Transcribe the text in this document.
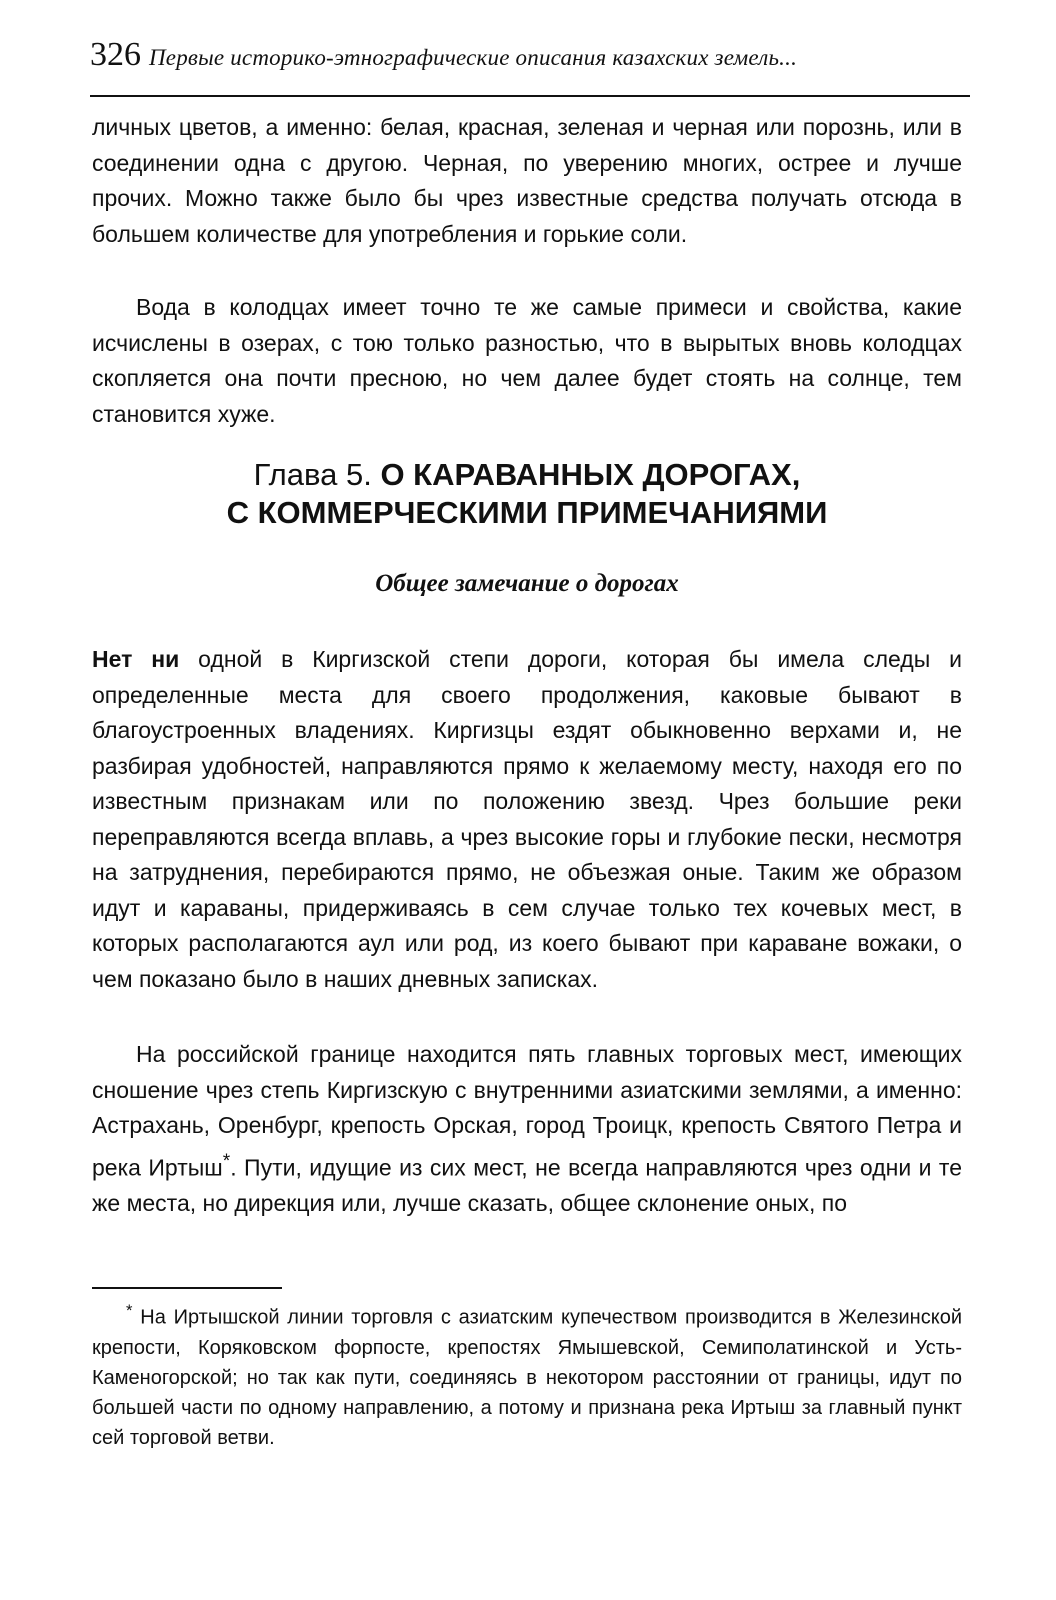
326 Первые историко-этнографические описания казахских земель...

личных цветов, а именно: белая, красная, зеленая и черная или порознь, или в соединении одна с другою. Черная, по уверению многих, острее и лучше прочих. Можно также было бы чрез известные средства получать отсюда в большем количестве для употребления и горькие соли.

Вода в колодцах имеет точно те же самые примеси и свойства, какие исчислены в озерах, с тою только разностью, что в вырытых вновь колодцах скопляется она почти пресною, но чем далее будет стоять на солнце, тем становится хуже.

Глава 5. О КАРАВАННЫХ ДОРОГАХ,
С КОММЕРЧЕСКИМИ ПРИМЕЧАНИЯМИ
Общее замечание о дорогах

Нет ни одной в Киргизской степи дороги, которая бы имела следы и определенные места для своего продолжения, каковые бывают в благоустроенных владениях. Киргизцы ездят обыкновенно верхами и, не разбирая удобностей, направляются прямо к желаемому месту, находя его по известным признакам или по положению звезд. Чрез большие реки переправляются всегда вплавь, а чрез высокие горы и глубокие пески, несмотря на затруднения, перебираются прямо, не объезжая оные. Таким же образом идут и караваны, придерживаясь в сем случае только тех кочевых мест, в которых располагаются аул или род, из коего бывают при караване вожаки, о чем показано было в наших дневных записках.

На российской границе находится пять главных торговых мест, имеющих сношение чрез степь Киргизскую с внутренними азиатскими землями, а именно: Астрахань, Оренбург, крепость Орская, город Троицк, крепость Святого Петра и река Иртыш*. Пути, идущие из сих мест, не всегда направляются чрез одни и те же места, но дирекция или, лучше сказать, общее склонение оных, по

* На Иртышской линии торговля с азиатским купечеством производится в Железинской крепости, Коряковском форпосте, крепостях Ямышевской, Семиполатинской и Усть-Каменогорской; но так как пути, соединяясь в некотором расстоянии от границы, идут по большей части по одному направлению, а потому и признана река Иртыш за главный пункт сей торговой ветви.
